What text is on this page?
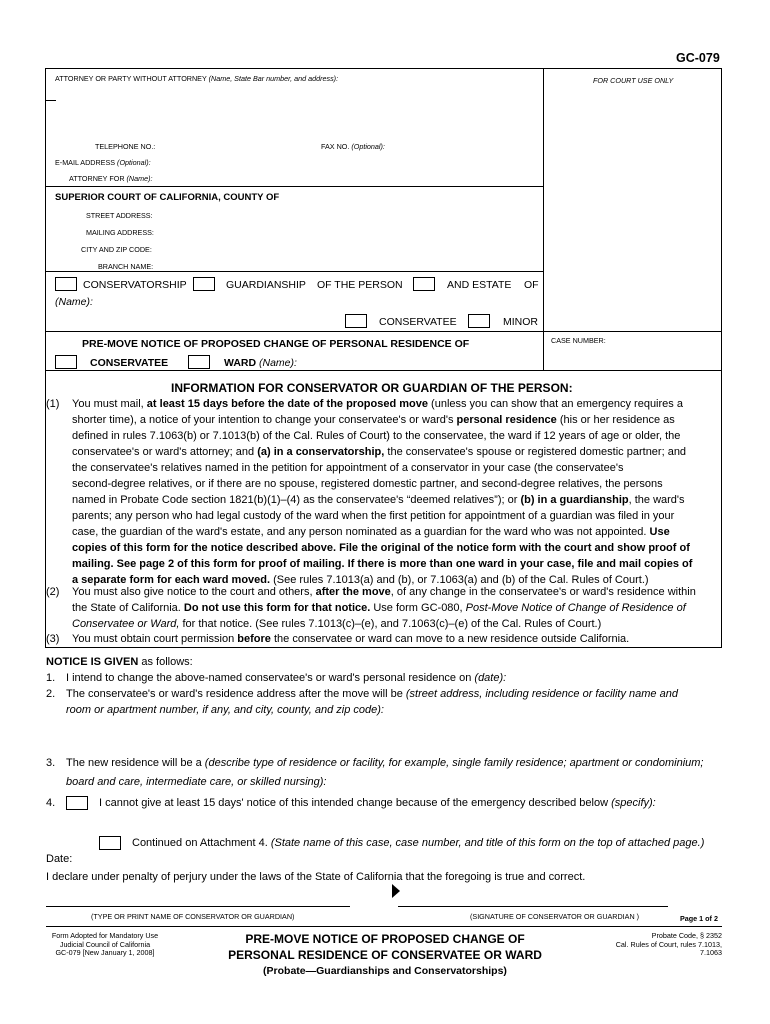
GC-079
ATTORNEY OR PARTY WITHOUT ATTORNEY (Name, State Bar number, and address):	FOR COURT USE ONLY
TELEPHONE NO.:	FAX NO. (Optional):
E-MAIL ADDRESS (Optional):
ATTORNEY FOR (Name):
SUPERIOR COURT OF CALIFORNIA, COUNTY OF
STREET ADDRESS:
MAILING ADDRESS:
CITY AND ZIP CODE:
BRANCH NAME:
CONSERVATORSHIP	GUARDIANSHIP OF THE PERSON	AND ESTATE OF
(Name):
CONSERVATEE	MINOR
PRE-MOVE NOTICE OF PROPOSED CHANGE OF PERSONAL RESIDENCE OF
CONSERVATEE	WARD (Name):
CASE NUMBER:
INFORMATION FOR CONSERVATOR OR GUARDIAN OF THE PERSON:
(1) You must mail, at least 15 days before the date of the proposed move (unless you can show that an emergency requires a
shorter time), a notice of your intention to change your conservatee's or ward's personal residence (his or her residence as
defined in rules 7.1063(b) or 7.1013(b) of the Cal. Rules of Court) to the conservatee, the ward if 12 years of age or older, the
conservatee's or ward's attorney; and (a) in a conservatorship, the conservatee's spouse or registered domestic partner; and
the conservatee's relatives named in the petition for appointment of a conservator in your case (the conservatee's
second-degree relatives, or if there are no spouse, registered domestic partner, and second-degree relatives, the persons
named in Probate Code section 1821(b)(1)–(4) as the conservatee's “deemed relatives”); or (b) in a guardianship, the ward's
parents; any person who had legal custody of the ward when the first petition for appointment of a guardian was filed in your
case, the guardian of the ward's estate, and any person nominated as a guardian for the ward who was not appointed. Use
copies of this form for the notice described above. File the original of the notice form with the court and show proof of
mailing. See page 2 of this form for proof of mailing. If there is more than one ward in your case, file and mail copies of
a separate form for each ward moved. (See rules 7.1013(a) and (b), or 7.1063(a) and (b) of the Cal. Rules of Court.)
(2) You must also give notice to the court and others, after the move, of any change in the conservatee's or ward's residence within
the State of California. Do not use this form for that notice. Use form GC-080, Post-Move Notice of Change of Residence of
Conservatee or Ward, for that notice. (See rules 7.1013(c)–(e), and 7.1063(c)–(e) of the Cal. Rules of Court.)
(3) You must obtain court permission before the conservatee or ward can move to a new residence outside California.
NOTICE IS GIVEN as follows:
1. I intend to change the above-named conservatee's or ward's personal residence on (date):
2. The conservatee's or ward's residence address after the move will be (street address, including residence or facility name and
room or apartment number, if any, and city, county, and zip code):
3. The new residence will be a (describe type of residence or facility, for example, single family residence; apartment or condominium;
board and care, intermediate care, or skilled nursing):
4.	I cannot give at least 15 days' notice of this intended change because of the emergency described below (specify):
Continued on Attachment 4. (State name of this case, case number, and title of this form on the top of attached page.)
Date:
I declare under penalty of perjury under the laws of the State of California that the foregoing is true and correct.
(TYPE OR PRINT NAME OF CONSERVATOR OR GUARDIAN)	(SIGNATURE OF CONSERVATOR OR GUARDIAN )	Page 1 of 2
Form Adopted for Mandatory Use
Judicial Council of California
GC-079 [New January 1, 2008]
PRE-MOVE NOTICE OF PROPOSED CHANGE OF
PERSONAL RESIDENCE OF CONSERVATEE OR WARD
(Probate—Guardianships and Conservatorships)
Probate Code, § 2352
Cal. Rules of Court, rules 7.1013,
7.1063
